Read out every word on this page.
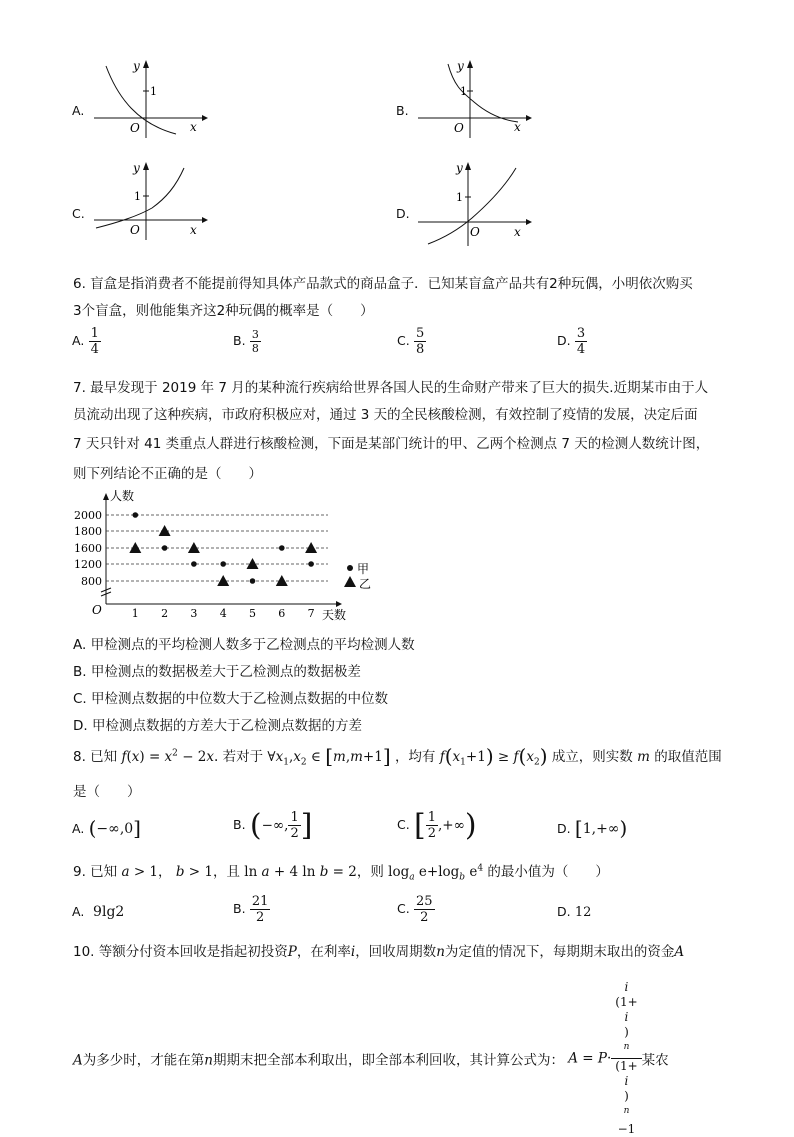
A.
y
x
1
O
B.
y
x
1
O
C.
y
x
1
O
D.
y
x
1
O
6. 盲盒是指消费者不能提前得知具体产品款式的商品盒子．已知某盲盒产品共有2种玩偶，小明依次购买
3个盲盒，则他能集齐这2种玩偶的概率是（　　）
A. $\frac{1}{4}$	B. $\frac{3}{8}$	C. $\frac{5}{8}$	D. $\frac{3}{4}$
7. 最早发现于 2019 年 7 月的某种流行疾病给世界各国人民的生命财产带来了巨大的损失.近期某市由于人
员流动出现了这种疾病，市政府积极应对，通过 3 天的全民核酸检测，有效控制了疫情的发展，决定后面
7 天只针对 41 类重点人群进行核酸检测，下面是某部门统计的甲、乙两个检测点 7 天的检测人数统计图，
则下列结论不正确的是（　　）
800
1200
1600
1800
2000
1 2 3 4 5 6 7
人数
天数
O
甲
乙
A. 甲检测点的平均检测人数多于乙检测点的平均检测人数
B. 甲检测点的数据极差大于乙检测点的数据极差
C. 甲检测点数据的中位数大于乙检测点数据的中位数
D. 甲检测点数据的方差大于乙检测点数据的方差
8. 已知 $f(x) = x^2 - 2x$. 若对于 $\forall x_1,x_2$ ∈ [m,m+1] ，均有 $f(x_1+1) \ge f(x_2)$ 成立，则实数 m 的取值范围
是（　　）
A. (−∞,0]	B. (−∞, $\frac{1}{2}$ ]	C. [ $\frac{1}{2}$ ,+∞)	D. [1,+∞)
9. 已知 a > 1， b > 1，且 ln a + 4 ln b = 2，则 $\log_a e+\log_b$ $e^4$ 的最小值为（　　）
A.  9lg2	B. $\frac{21}{2}$	C. $\frac{25}{2}$	D. 12
10. 等额分付资本回收是指起初投资P，在利率i，回收周期数n为定值的情况下，每期期末取出的资金A
A为多少时，才能在第n期期末把全部本利取出，即全部本利回收，其计算公式为： A = P· i
(1+
i
)
$^n$
(1+
i
)
$^n$
−1 某农
